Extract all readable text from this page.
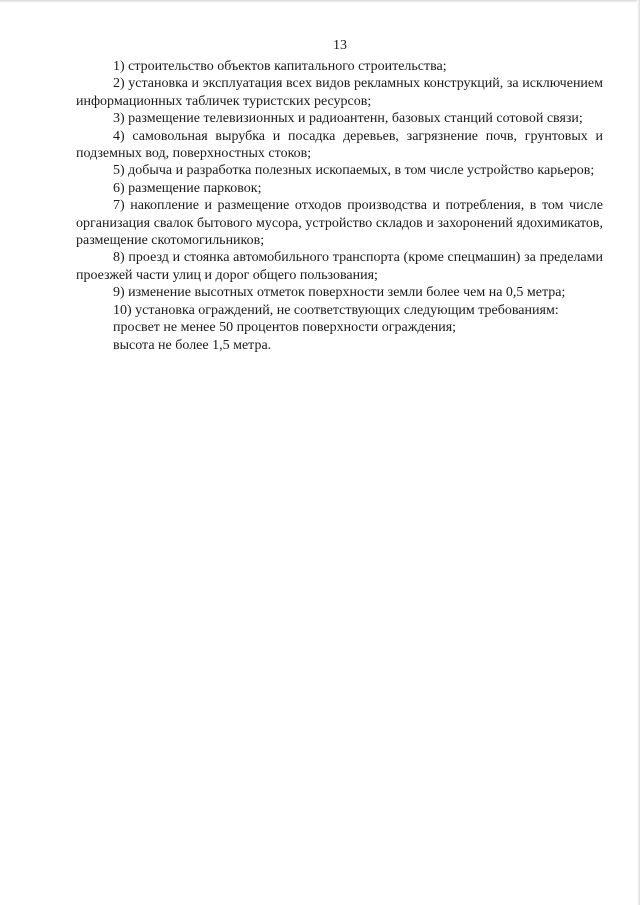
13

1) строительство объектов капитального строительства;

2) установка и эксплуатация всех видов рекламных конструкций, за исключением информационных табличек туристских ресурсов;

3) размещение телевизионных и радиоантенн, базовых станций сотовой связи;

4) самовольная вырубка и посадка деревьев, загрязнение почв, грунтовых и подземных вод, поверхностных стоков;

5) добыча и разработка полезных ископаемых, в том числе устройство карьеров;

6) размещение парковок;

7) накопление и размещение отходов производства и потребления, в том числе организация свалок бытового мусора, устройство складов и захоронений ядохимикатов, размещение скотомогильников;

8) проезд и стоянка автомобильного транспорта (кроме спецмашин) за пределами проезжей части улиц и дорог общего пользования;

9) изменение высотных отметок поверхности земли более чем на 0,5 метра;

10) установка ограждений, не соответствующих следующим требованиям:

просвет не менее 50 процентов поверхности ограждения;

высота не более 1,5 метра.
